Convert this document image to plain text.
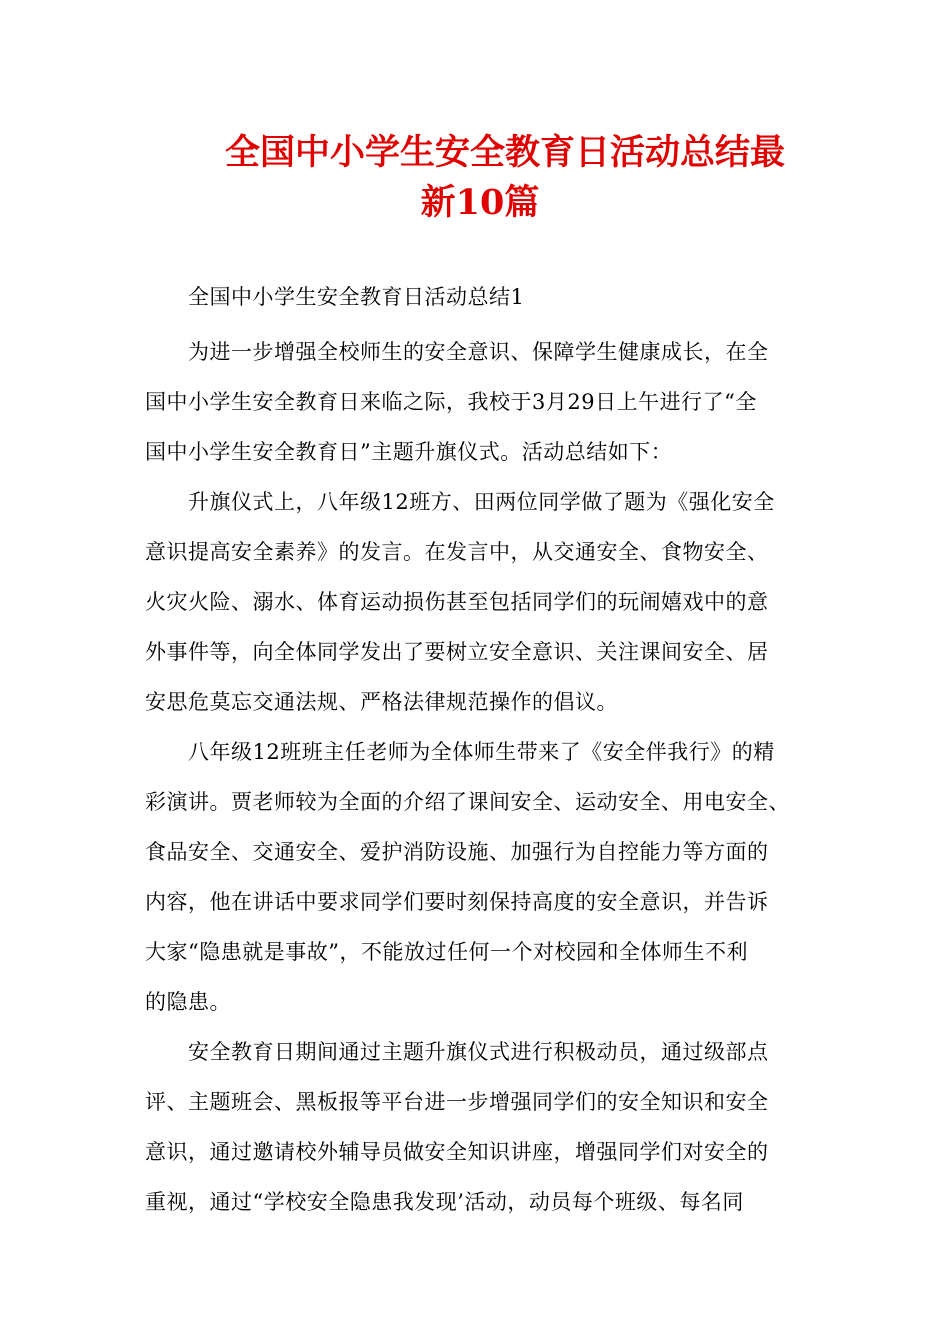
全国中小学生安全教育日活动总结最
新10篇
全国中小学生安全教育日活动总结1
为进一步增强全校师生的安全意识、保障学生健康成长，在全
国中小学生安全教育日来临之际，我校于3月29日上午进行了“全
国中小学生安全教育日”主题升旗仪式。活动总结如下：
升旗仪式上，八年级12班方、田两位同学做了题为《强化安全
意识提高安全素养》的发言。在发言中，从交通安全、食物安全、
火灾火险、溺水、体育运动损伤甚至包括同学们的玩闹嬉戏中的意
外事件等，向全体同学发出了要树立安全意识、关注课间安全、居
安思危莫忘交通法规、严格法律规范操作的倡议。
八年级12班班主任老师为全体师生带来了《安全伴我行》的精
彩演讲。贾老师较为全面的介绍了课间安全、运动安全、用电安全、
食品安全、交通安全、爱护消防设施、加强行为自控能力等方面的
内容，他在讲话中要求同学们要时刻保持高度的安全意识，并告诉
大家“隐患就是事故”，不能放过任何一个对校园和全体师生不利
的隐患。
安全教育日期间通过主题升旗仪式进行积极动员，通过级部点
评、主题班会、黑板报等平台进一步增强同学们的安全知识和安全
意识，通过邀请校外辅导员做安全知识讲座，增强同学们对安全的
重视，通过“学校安全隐患我发现’活动，动员每个班级、每名同
